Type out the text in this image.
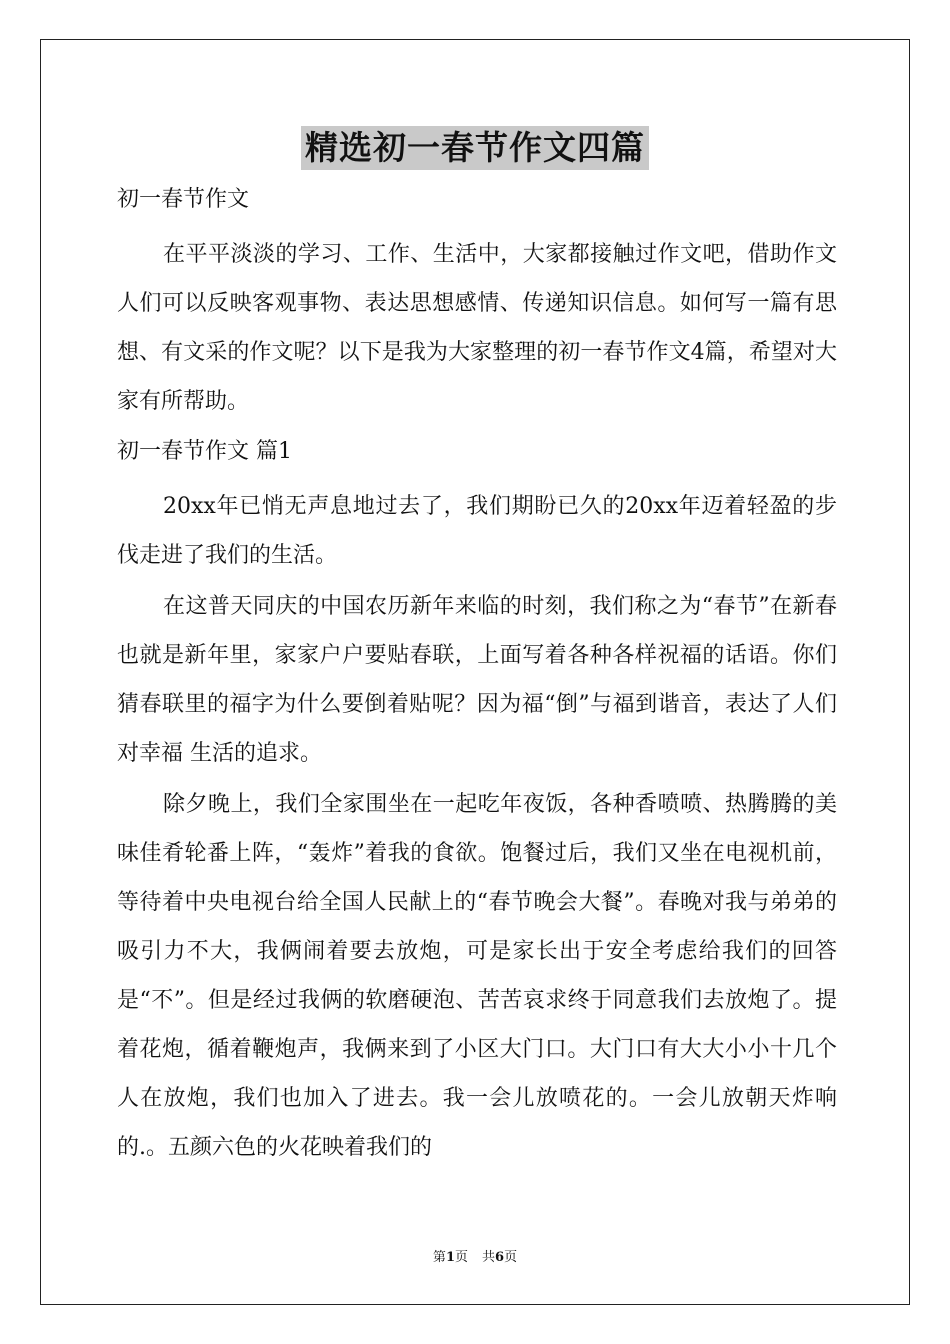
精选初一春节作文四篇
初一春节作文

在平平淡淡的学习、工作、生活中，大家都接触过作文吧，借助作文人们可以反映客观事物、表达思想感情、传递知识信息。如何写一篇有思想、有文采的作文呢？以下是我为大家整理的初一春节作文4篇，希望对大家有所帮助。

初一春节作文 篇1

20xx年已悄无声息地过去了，我们期盼已久的20xx年迈着轻盈的步伐走进了我们的生活。

在这普天同庆的中国农历新年来临的时刻，我们称之为“春节”在新春也就是新年里，家家户户要贴春联，上面写着各种各样祝福的话语。你们猜春联里的福字为什么要倒着贴呢？因为福“倒”与福到谐音，表达了人们对幸福 生活的追求。

除夕晚上，我们全家围坐在一起吃年夜饭，各种香喷喷、热腾腾的美味佳肴轮番上阵，“轰炸”着我的食欲。饱餐过后，我们又坐在电视机前，等待着中央电视台给全国人民献上的“春节晚会大餐”。春晚对我与弟弟的吸引力不大，我俩闹着要去放炮，可是家长出于安全考虑给我们的回答是“不”。但是经过我俩的软磨硬泡、苦苦哀求终于同意我们去放炮了。提着花炮，循着鞭炮声，我俩来到了小区大门口。大门口有大大小小十几个人在放炮，我们也加入了进去。我一会儿放喷花的。一会儿放朝天炸响的.。五颜六色的火花映着我们的

第1页 共6页
